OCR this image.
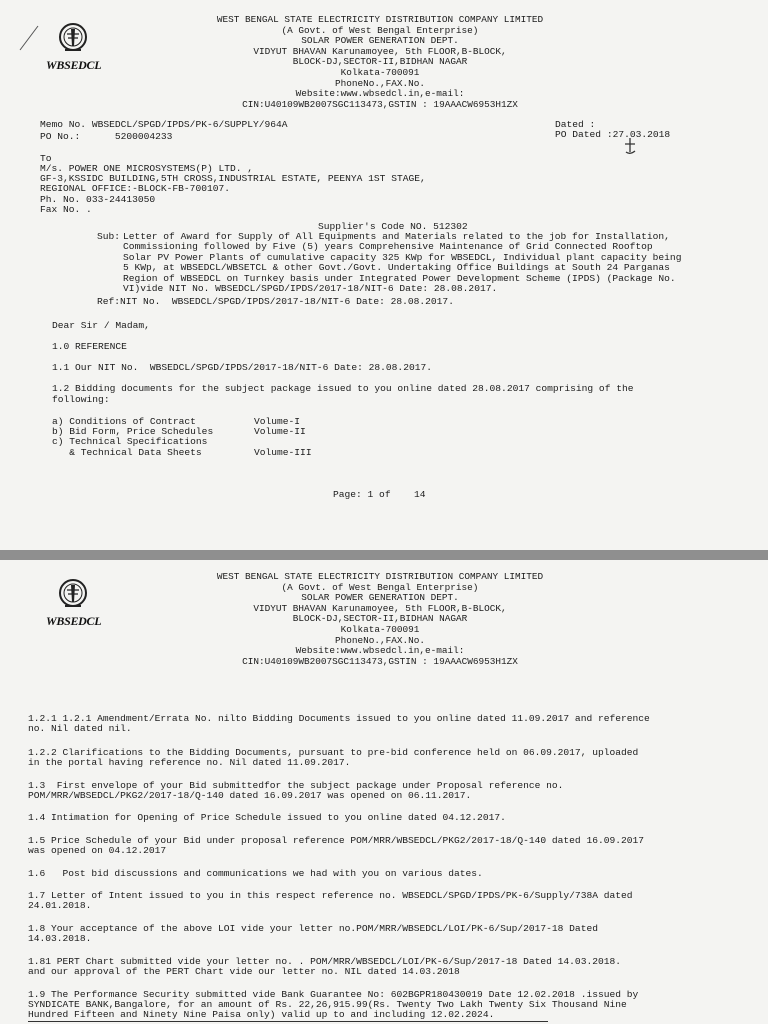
WBSEDCL
WEST BENGAL STATE ELECTRICITY DISTRIBUTION COMPANY LIMITED
(A Govt. of West Bengal Enterprise)
SOLAR POWER GENERATION DEPT.
VIDYUT BHAVAN Karunamoyee, 5th FLOOR,B-BLOCK,
BLOCK-DJ,SECTOR-II,BIDHAN NAGAR
Kolkata-700091
PhoneNo.,FAX.No.
Website:www.wbsedcl.in,e-mail:
CIN:U40109WB2007SGC113473,GSTIN : 19AAACW6953H1ZX
Memo No. WBSEDCL/SPGD/IPDS/PK-6/SUPPLY/964A
PO No.:      5200004233
Dated :
PO Dated :27.03.2018
To
M/s. POWER ONE MICROSYSTEMS(P) LTD. ,
GF-3,KSSIDC BUILDING,5TH CROSS,INDUSTRIAL ESTATE, PEENYA 1ST STAGE,
REGIONAL OFFICE:-BLOCK-FB-700107.
Ph. No. 033-24413050
Fax No. .
Supplier's Code NO. 512302
Sub: Letter of Award for Supply of All Equipments and Materials related to the job for Installation,
Commissioning followed by Five (5) years Comprehensive Maintenance of Grid Connected Rooftop
Solar PV Power Plants of cumulative capacity 325 KWp for WBSEDCL, Individual plant capacity being
5 KWp, at WBSEDCL/WBSETCL & other Govt./Govt. Undertaking Office Buildings at South 24 Parganas
Region of WBSEDCL on Turnkey basis under Integrated Power Development Scheme (IPDS) (Package No.
VI)vide NIT No. WBSEDCL/SPGD/IPDS/2017-18/NIT-6 Date: 28.08.2017.
Ref:NIT No.  WBSEDCL/SPGD/IPDS/2017-18/NIT-6 Date: 28.08.2017.
Dear Sir / Madam,
1.0 REFERENCE
1.1 Our NIT No.  WBSEDCL/SPGD/IPDS/2017-18/NIT-6 Date: 28.08.2017.
1.2 Bidding documents for the subject package issued to you online dated 28.08.2017 comprising of the
following:
a) Conditions of Contract	Volume-I
b) Bid Form, Price Schedules	Volume-II
c) Technical Specifications
& Technical Data Sheets	Volume-III
Page: 1 of 14
WBSEDCL
WEST BENGAL STATE ELECTRICITY DISTRIBUTION COMPANY LIMITED
(A Govt. of West Bengal Enterprise)
SOLAR POWER GENERATION DEPT.
VIDYUT BHAVAN Karunamoyee, 5th FLOOR,B-BLOCK,
BLOCK-DJ,SECTOR-II,BIDHAN NAGAR
Kolkata-700091
PhoneNo.,FAX.No.
Website:www.wbsedcl.in,e-mail:
CIN:U40109WB2007SGC113473,GSTIN : 19AAACW6953H1ZX
1.2.1 1.2.1 Amendment/Errata No. nilto Bidding Documents issued to you online dated 11.09.2017 and reference
no. Nil dated nil.
1.2.2 Clarifications to the Bidding Documents, pursuant to pre-bid conference held on 06.09.2017, uploaded
in the portal having reference no. Nil dated 11.09.2017.
1.3  First envelope of your Bid submittedfor the subject package under Proposal reference no.
POM/MRR/WBSEDCL/PKG2/2017-18/Q-140 dated 16.09.2017 was opened on 06.11.2017.
1.4 Intimation for Opening of Price Schedule issued to you online dated 04.12.2017.
1.5 Price Schedule of your Bid under proposal reference POM/MRR/WBSEDCL/PKG2/2017-18/Q-140 dated 16.09.2017
was opened on 04.12.2017
1.6   Post bid discussions and communications we had with you on various dates.
1.7 Letter of Intent issued to you in this respect reference no. WBSEDCL/SPGD/IPDS/PK-6/Supply/738A dated
24.01.2018.
1.8 Your acceptance of the above LOI vide your letter no.POM/MRR/WBSEDCL/LOI/PK-6/Sup/2017-18 Dated
14.03.2018.
1.81 PERT Chart submitted vide your letter no. . POM/MRR/WBSEDCL/LOI/PK-6/Sup/2017-18 Dated 14.03.2018.
and our approval of the PERT Chart vide our letter no. NIL dated 14.03.2018
1.9 The Performance Security submitted vide Bank Guarantee No: 602BGPR180430019 Date 12.02.2018 .issued by
SYNDICATE BANK,Bangalore, for an amount of Rs. 22,26,915.99(Rs. Twenty Two Lakh Twenty Six Thousand Nine
Hundred Fifteen and Ninety Nine Paisa only) valid up to and including 12.02.2024.
